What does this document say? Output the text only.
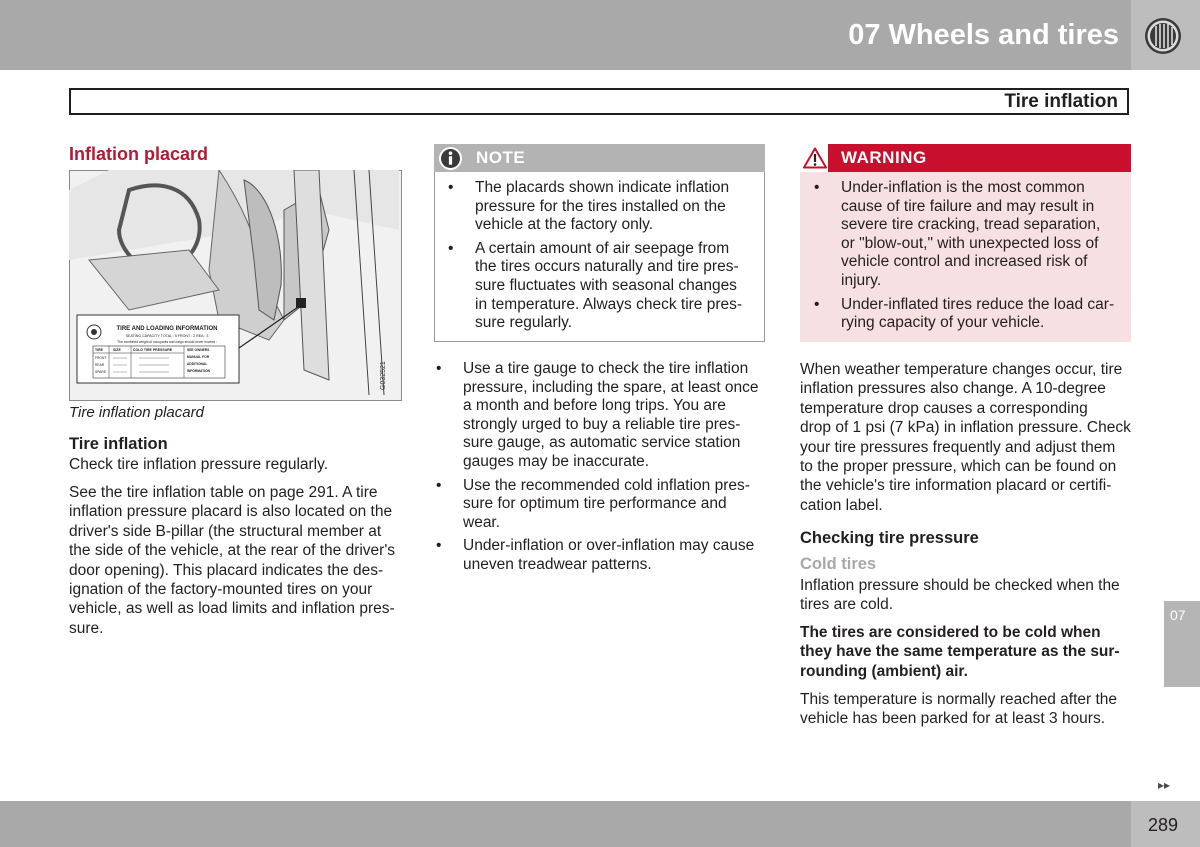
07 Wheels and tires
Tire inflation
Inflation placard
G032521
TIRE AND LOADING INFORMATION
SEATING CAPACITY TOTAL : 5 FRONT : 2 REA : 3
The combined weight of occupants and cargo should never exceed :
TIRE	SIZE	COLD TIRE PRESSURE	SEE OWNERS
MANUAL FOR
ADDITIONAL
INFORMATION
FRONT
REAR
SPARE
Tire inflation placard
Tire inflation
Check tire inflation pressure regularly.
See the tire inflation table on page 291. A tire
inflation pressure placard is also located on the
driver's side B-pillar (the structural member at
the side of the vehicle, at the rear of the driver's
door opening). This placard indicates the des-
ignation of the factory-mounted tires on your
vehicle, as well as load limits and inflation pres-
sure.
NOTE
• The placards shown indicate inflation
pressure for the tires installed on the
vehicle at the factory only.
• A certain amount of air seepage from
the tires occurs naturally and tire pres-
sure fluctuates with seasonal changes
in temperature. Always check tire pres-
sure regularly.
• Use a tire gauge to check the tire inflation
pressure, including the spare, at least once
a month and before long trips. You are
strongly urged to buy a reliable tire pres-
sure gauge, as automatic service station
gauges may be inaccurate.
• Use the recommended cold inflation pres-
sure for optimum tire performance and
wear.
• Under-inflation or over-inflation may cause
uneven treadwear patterns.
WARNING
• Under-inflation is the most common
cause of tire failure and may result in
severe tire cracking, tread separation,
or "blow-out," with unexpected loss of
vehicle control and increased risk of
injury.
• Under-inflated tires reduce the load car-
rying capacity of your vehicle.
When weather temperature changes occur, tire
inflation pressures also change. A 10-degree
temperature drop causes a corresponding
drop of 1 psi (7 kPa) in inflation pressure. Check
your tire pressures frequently and adjust them
to the proper pressure, which can be found on
the vehicle's tire information placard or certifi-
cation label.
Checking tire pressure
Cold tires
Inflation pressure should be checked when the
tires are cold.
The tires are considered to be cold when
they have the same temperature as the sur-
rounding (ambient) air.
This temperature is normally reached after the
vehicle has been parked for at least 3 hours.
07
▸▸
289
